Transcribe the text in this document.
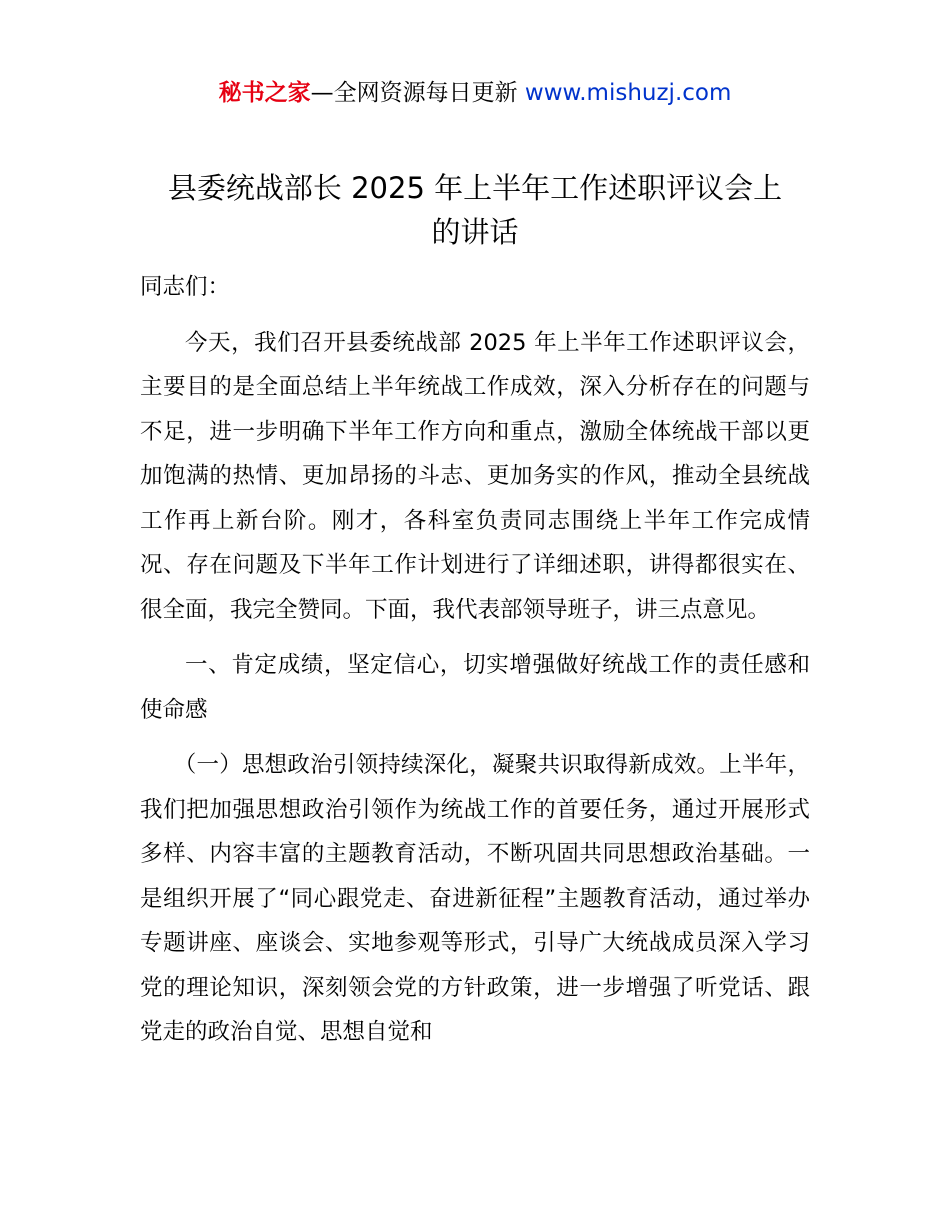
秘书之家—全网资源每日更新 www.mishuzj.com
县委统战部长 2025 年上半年工作述职评议会上
的讲话

同志们：

今天，我们召开县委统战部 2025 年上半年工作述职评议会，主要目的是全面总结上半年统战工作成效，深入分析存在的问题与不足，进一步明确下半年工作方向和重点，激励全体统战干部以更加饱满的热情、更加昂扬的斗志、更加务实的作风，推动全县统战工作再上新台阶。刚才，各科室负责同志围绕上半年工作完成情况、存在问题及下半年工作计划进行了详细述职，讲得都很实在、很全面，我完全赞同。下面，我代表部领导班子，讲三点意见。

一、肯定成绩，坚定信心，切实增强做好统战工作的责任感和使命感

（一）思想政治引领持续深化，凝聚共识取得新成效。上半年，我们把加强思想政治引领作为统战工作的首要任务，通过开展形式多样、内容丰富的主题教育活动，不断巩固共同思想政治基础。一是组织开展了“同心跟党走、奋进新征程”主题教育活动，通过举办专题讲座、座谈会、实地参观等形式，引导广大统战成员深入学习党的理论知识，深刻领会党的方针政策，进一步增强了听党话、跟党走的政治自觉、思想自觉和
